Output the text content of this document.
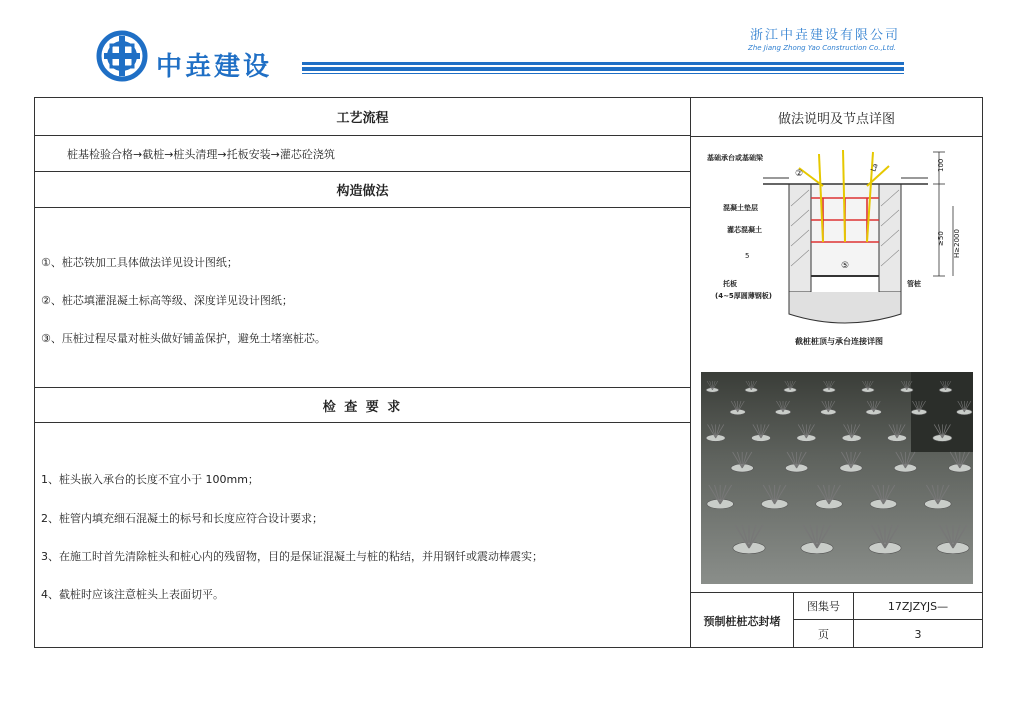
中垚建设
浙江中垚建设有限公司
Zhe Jiang Zhong Yao Construction Co.,Ltd.
工艺流程
桩基检验合格→截桩→桩头清理→托板安装→灌芯砼浇筑
构造做法
①、桩芯铁加工具体做法详见设计图纸；
②、桩芯填灌混凝土标高等级、深度详见设计图纸；
③、压桩过程尽量对桩头做好铺盖保护，避免土堵塞桩芯。
检 查 要 求
1、桩头嵌入承台的长度不宜小于 100mm；
2、桩管内填充细石混凝土的标号和长度应符合设计要求；
3、在施工时首先清除桩头和桩心内的残留物，目的是保证混凝土与桩的粘结，并用钢钎或震动棒震实；
4、截桩时应该注意桩头上表面切平。
做法说明及节点详图
基础承台或基础梁
②
混凝土垫层
灌芯混凝土
5
⑤
托板
(4~5厚圆薄钢板)
管桩
La	100
≥50 H≥2000
截桩桩顶与承台连接详图
预制桩桩芯封堵
图集号	17ZJZYJS—
页	3
